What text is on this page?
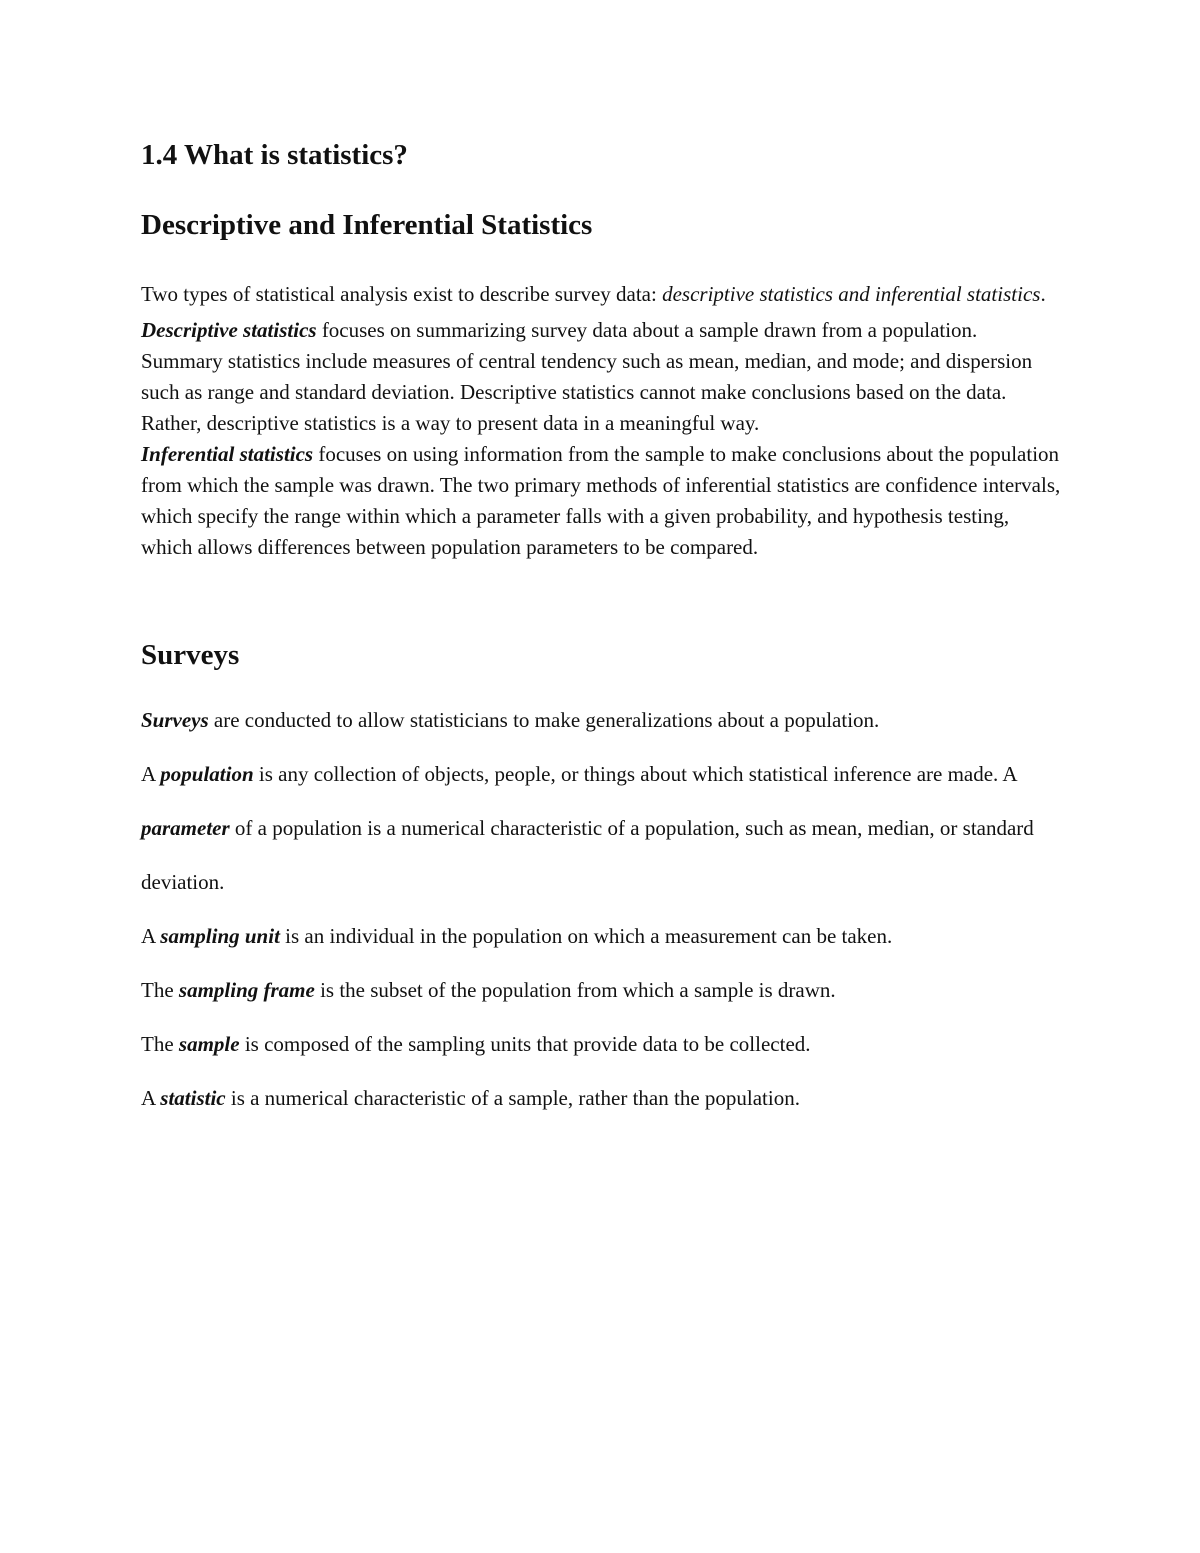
1.4 What is statistics?
Descriptive and Inferential Statistics

Two types of statistical analysis exist to describe survey data: descriptive statistics and inferential statistics.

Descriptive statistics focuses on summarizing survey data about a sample drawn from a population. Summary statistics include measures of central tendency such as mean, median, and mode; and dispersion such as range and standard deviation. Descriptive statistics cannot make conclusions based on the data. Rather, descriptive statistics is a way to present data in a meaningful way.

Inferential statistics focuses on using information from the sample to make conclusions about the population from which the sample was drawn. The two primary methods of inferential statistics are confidence intervals, which specify the range within which a parameter falls with a given probability, and hypothesis testing, which allows differences between population parameters to be compared.

Surveys

Surveys are conducted to allow statisticians to make generalizations about a population.

A population is any collection of objects, people, or things about which statistical inference are made. A parameter of a population is a numerical characteristic of a population, such as mean, median, or standard deviation.

A sampling unit is an individual in the population on which a measurement can be taken.

The sampling frame is the subset of the population from which a sample is drawn.

The sample is composed of the sampling units that provide data to be collected.

A statistic is a numerical characteristic of a sample, rather than the population.
